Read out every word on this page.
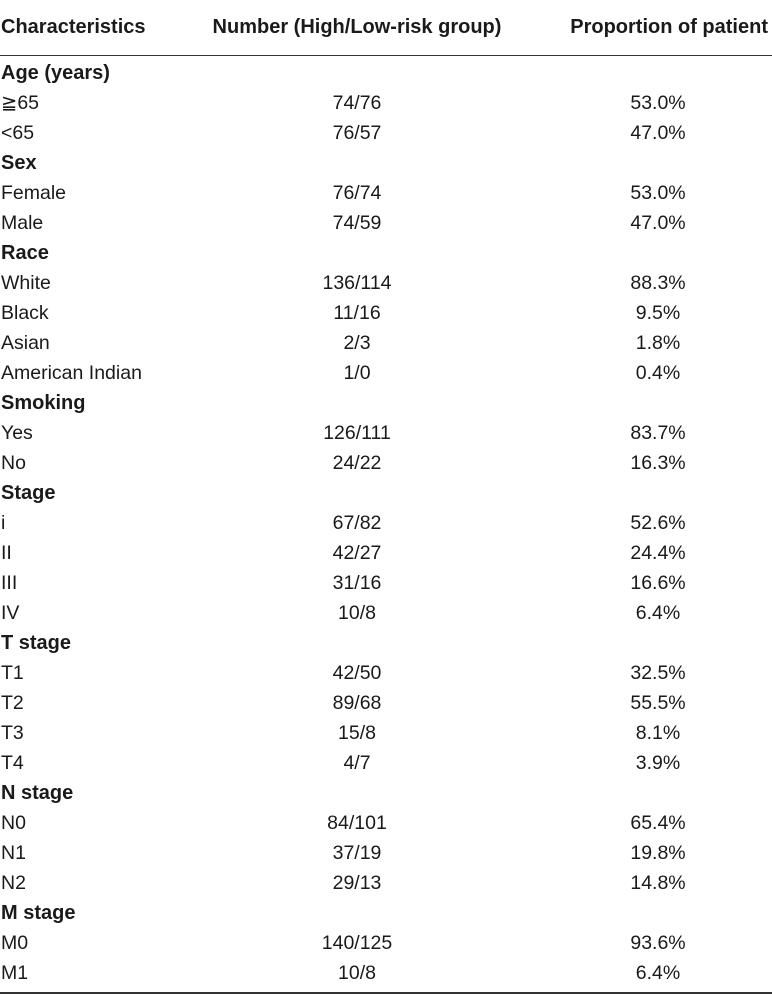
Characteristics	Number (High/Low-risk group)	Proportion of patient
Age (years)		
≧65	74/76	53.0%
<65	76/57	47.0%
Sex		
Female	76/74	53.0%
Male	74/59	47.0%
Race		
White	136/114	88.3%
Black	11/16	9.5%
Asian	2/3	1.8%
American Indian	1/0	0.4%
Smoking		
Yes	126/111	83.7%
No	24/22	16.3%
Stage		
i	67/82	52.6%
II	42/27	24.4%
III	31/16	16.6%
IV	10/8	6.4%
T stage		
T1	42/50	32.5%
T2	89/68	55.5%
T3	15/8	8.1%
T4	4/7	3.9%
N stage		
N0	84/101	65.4%
N1	37/19	19.8%
N2	29/13	14.8%
M stage		
M0	140/125	93.6%
M1	10/8	6.4%
